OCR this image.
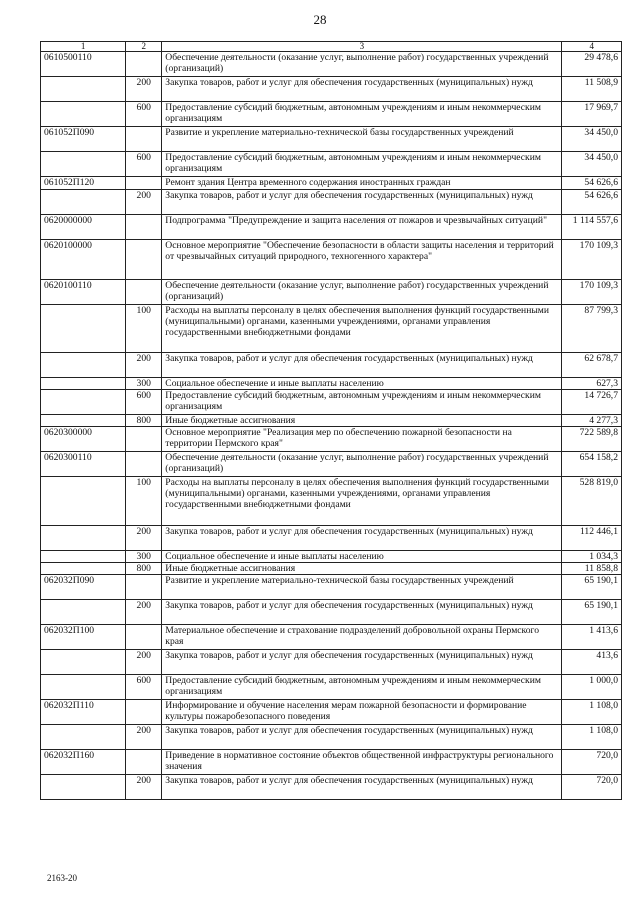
28
1	2	3	4
0610500110		Обеспечение деятельности (оказание услуг, выполнение работ) государственных учреждений (организаций)	29 478,6
	200	Закупка товаров, работ и услуг для обеспечения государственных (муниципальных) нужд	11 508,9
	600	Предоставление субсидий бюджетным, автономным учреждениям и иным некоммерческим организациям	17 969,7
061052П090		Развитие и укрепление материально-технической базы государственных учреждений	34 450,0
	600	Предоставление субсидий бюджетным, автономным учреждениям и иным некоммерческим организациям	34 450,0
061052П120		Ремонт здания Центра временного содержания иностранных граждан	54 626,6
	200	Закупка товаров, работ и услуг для обеспечения государственных (муниципальных) нужд	54 626,6
0620000000		Подпрограмма "Предупреждение и защита населения от пожаров и чрезвычайных ситуаций"	1 114 557,6
0620100000		Основное мероприятие "Обеспечение безопасности в области защиты населения и территорий от чрезвычайных ситуаций природного, техногенного характера"	170 109,3
0620100110		Обеспечение деятельности (оказание услуг, выполнение работ) государственных учреждений (организаций)	170 109,3
	100	Расходы на выплаты персоналу в целях обеспечения выполнения функций государственными (муниципальными) органами, казенными учреждениями, органами управления государственными внебюджетными фондами	87 799,3
	200	Закупка товаров, работ и услуг для обеспечения государственных (муниципальных) нужд	62 678,7
	300	Социальное обеспечение и иные выплаты населению	627,3
	600	Предоставление субсидий бюджетным, автономным учреждениям и иным некоммерческим организациям	14 726,7
	800	Иные бюджетные ассигнования	4 277,3
0620300000		Основное мероприятие "Реализация мер по обеспечению пожарной безопасности на территории Пермского края"	722 589,8
0620300110		Обеспечение деятельности (оказание услуг, выполнение работ) государственных учреждений (организаций)	654 158,2
	100	Расходы на выплаты персоналу в целях обеспечения выполнения функций государственными (муниципальными) органами, казенными учреждениями, органами управления государственными внебюджетными фондами	528 819,0
	200	Закупка товаров, работ и услуг для обеспечения государственных (муниципальных) нужд	112 446,1
	300	Социальное обеспечение и иные выплаты населению	1 034,3
	800	Иные бюджетные ассигнования	11 858,8
062032П090		Развитие и укрепление материально-технической базы государственных учреждений	65 190,1
	200	Закупка товаров, работ и услуг для обеспечения государственных (муниципальных) нужд	65 190,1
062032П100		Материальное обеспечение и страхование подразделений добровольной охраны Пермского края	1 413,6
	200	Закупка товаров, работ и услуг для обеспечения государственных (муниципальных) нужд	413,6
	600	Предоставление субсидий бюджетным, автономным учреждениям и иным некоммерческим организациям	1 000,0
062032П110		Информирование и обучение населения мерам пожарной безопасности и формирование культуры пожаробезопасного поведения	1 108,0
	200	Закупка товаров, работ и услуг для обеспечения государственных (муниципальных) нужд	1 108,0
062032П160		Приведение в нормативное состояние объектов общественной инфраструктуры регионального значения	720,0
	200	Закупка товаров, работ и услуг для обеспечения государственных (муниципальных) нужд	720,0
2163-20
